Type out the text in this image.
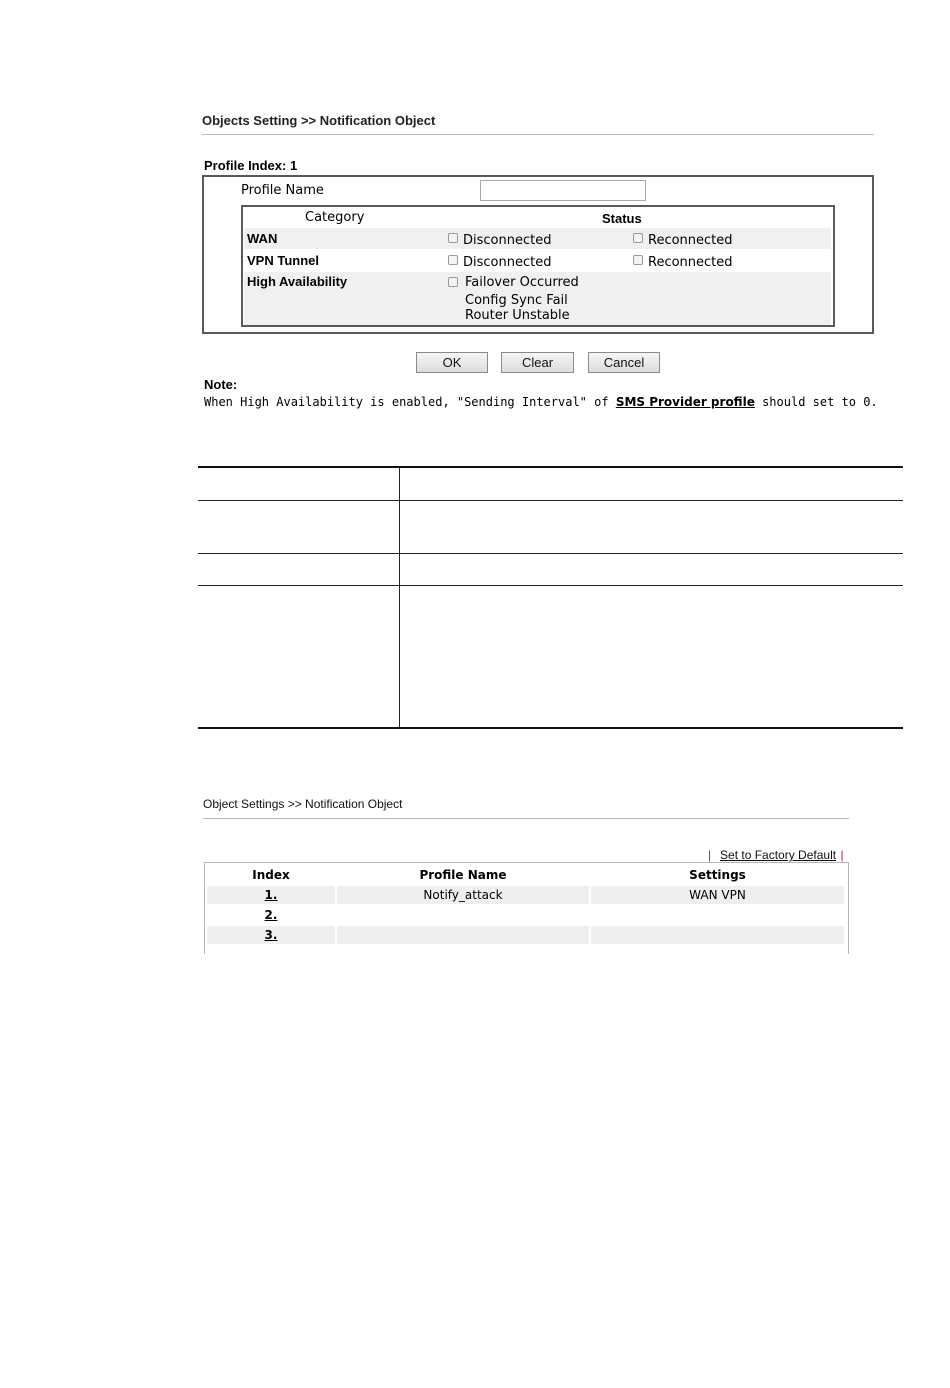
Objects Setting >> Notification Object
Profile Index: 1
Profile Name
Category	Status
WAN	Disconnected	Reconnected
VPN Tunnel	Disconnected	Reconnected
High Availability	Failover Occurred
Config Sync Fail
Router Unstable
OK	Clear	Cancel
Note:
When High Availability is enabled, "Sending Interval" of SMS Provider profile should set to 0.
Object Settings >> Notification Object
| Set to Factory Default |
Index	Profile Name	Settings
1.	Notify_attack	WAN VPN
2.
3.
